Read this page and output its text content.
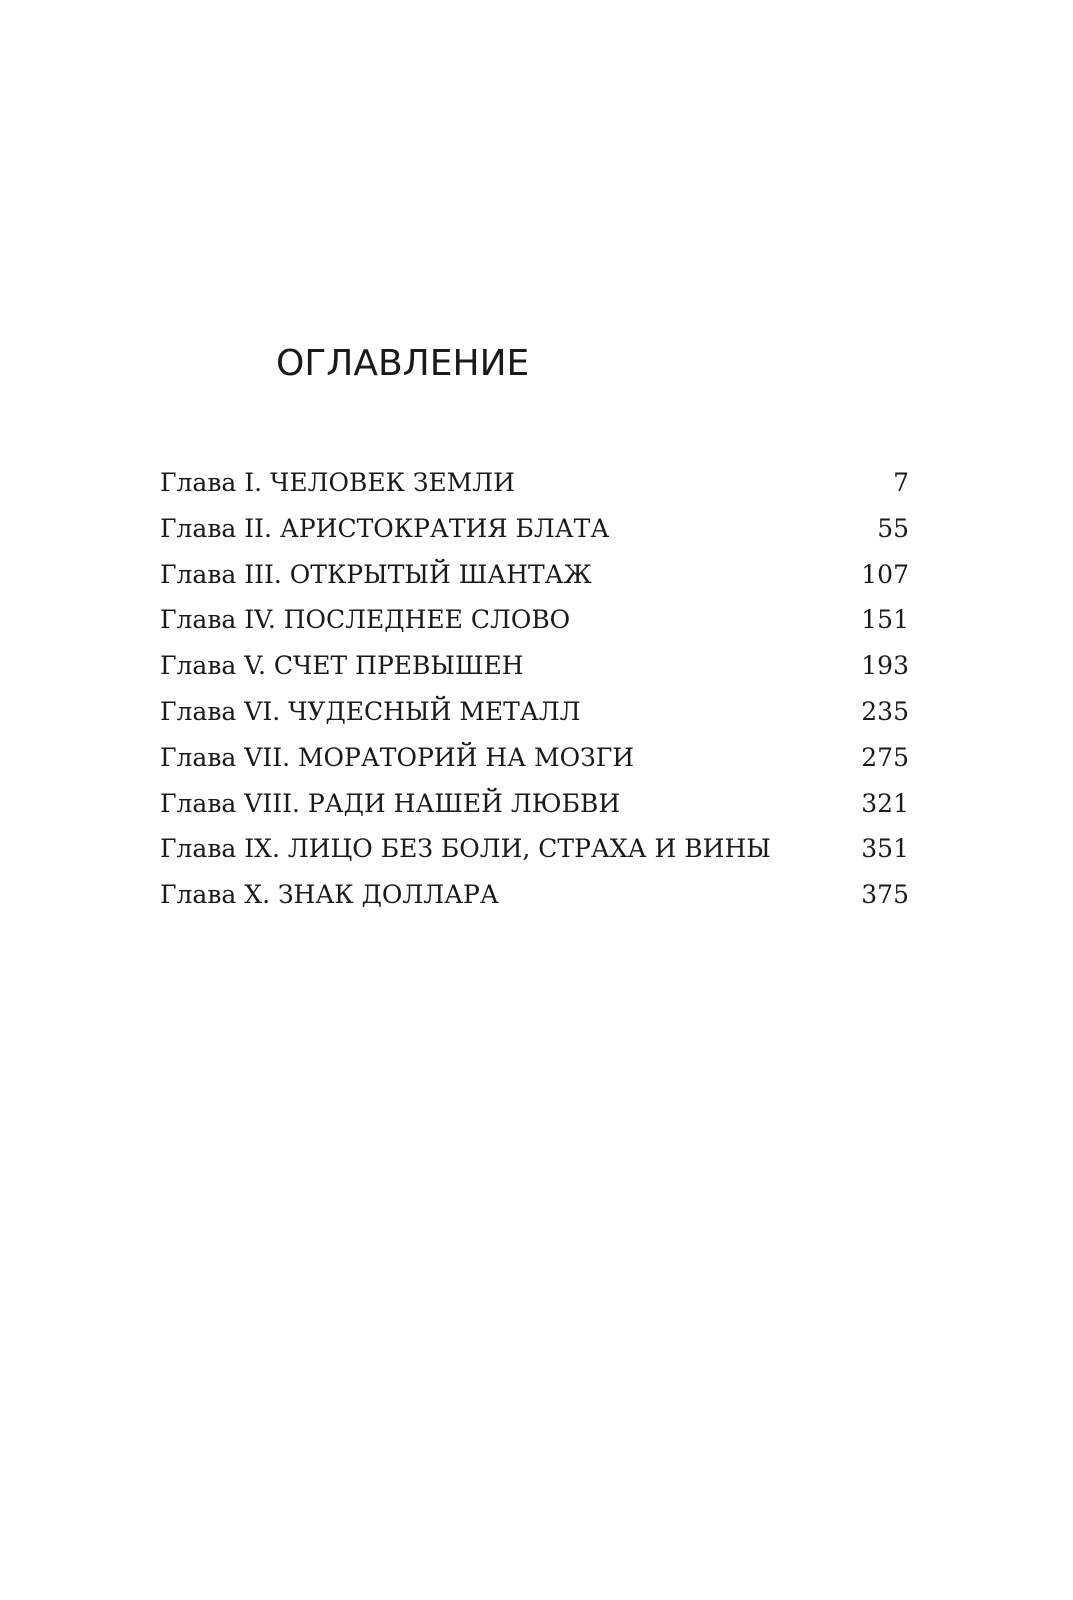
ОГЛАВЛЕНИЕ
Глава I. ЧЕЛОВЕК ЗЕМЛИ	7
Глава II. АРИСТОКРАТИЯ БЛАТА	55
Глава III. ОТКРЫТЫЙ ШАНТАЖ	107
Глава IV. ПОСЛЕДНЕЕ СЛОВО	151
Глава V. СЧЕТ ПРЕВЫШЕН	193
Глава VI. ЧУДЕСНЫЙ МЕТАЛЛ	235
Глава VII. МОРАТОРИЙ НА МОЗГИ	275
Глава VIII. РАДИ НАШЕЙ ЛЮБВИ	321
Глава IX. ЛИЦО БЕЗ БОЛИ, СТРАХА И ВИНЫ	351
Глава X. ЗНАК ДОЛЛАРА	375
